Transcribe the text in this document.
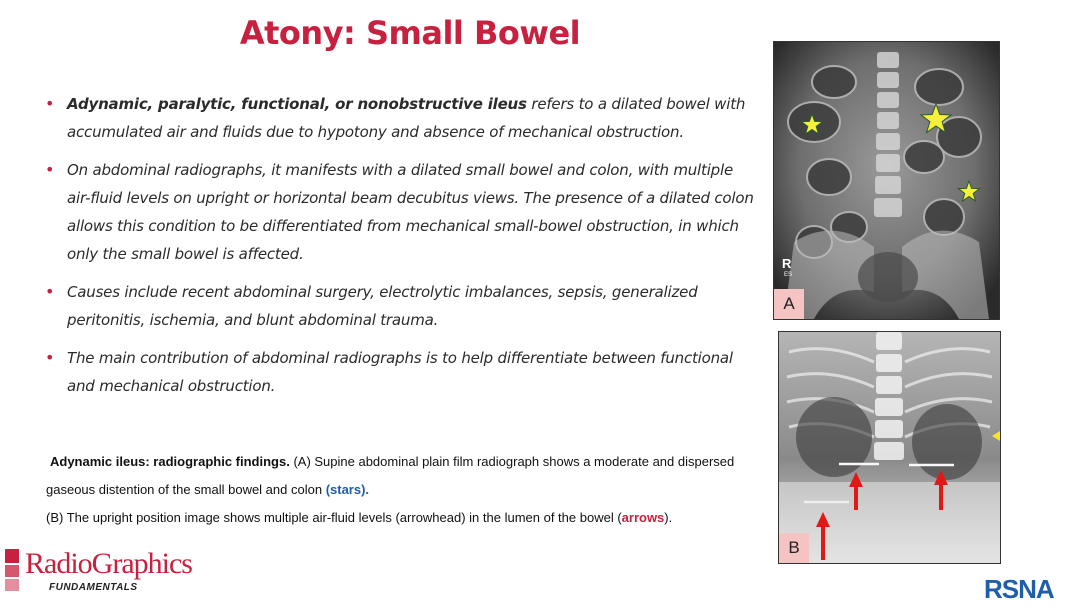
Atony: Small Bowel
• Adynamic, paralytic, functional, or nonobstructive ileus refers to a dilated bowel with accumulated air and fluids due to hypotony and absence of mechanical obstruction.
• On abdominal radiographs, it manifests with a dilated small bowel and colon, with multiple air-fluid levels on upright or horizontal beam decubitus views. The presence of a dilated colon allows this condition to be differentiated from mechanical small-bowel obstruction, in which only the small bowel is affected.
• Causes include recent abdominal surgery, electrolytic imbalances, sepsis, generalized peritonitis, ischemia, and blunt abdominal trauma.
• The main contribution of abdominal radiographs is to help differentiate between functional and mechanical obstruction.

Adynamic ileus: radiographic findings. (A) Supine abdominal plain film radiograph shows a moderate and dispersed gaseous distention of the small bowel and colon (stars).

(B) The upright position image shows multiple air-fluid levels (arrowhead) in the lumen of the bowel (arrows).

R
ES
A
B
RadioGraphics
FUNDAMENTALS	RSNA
